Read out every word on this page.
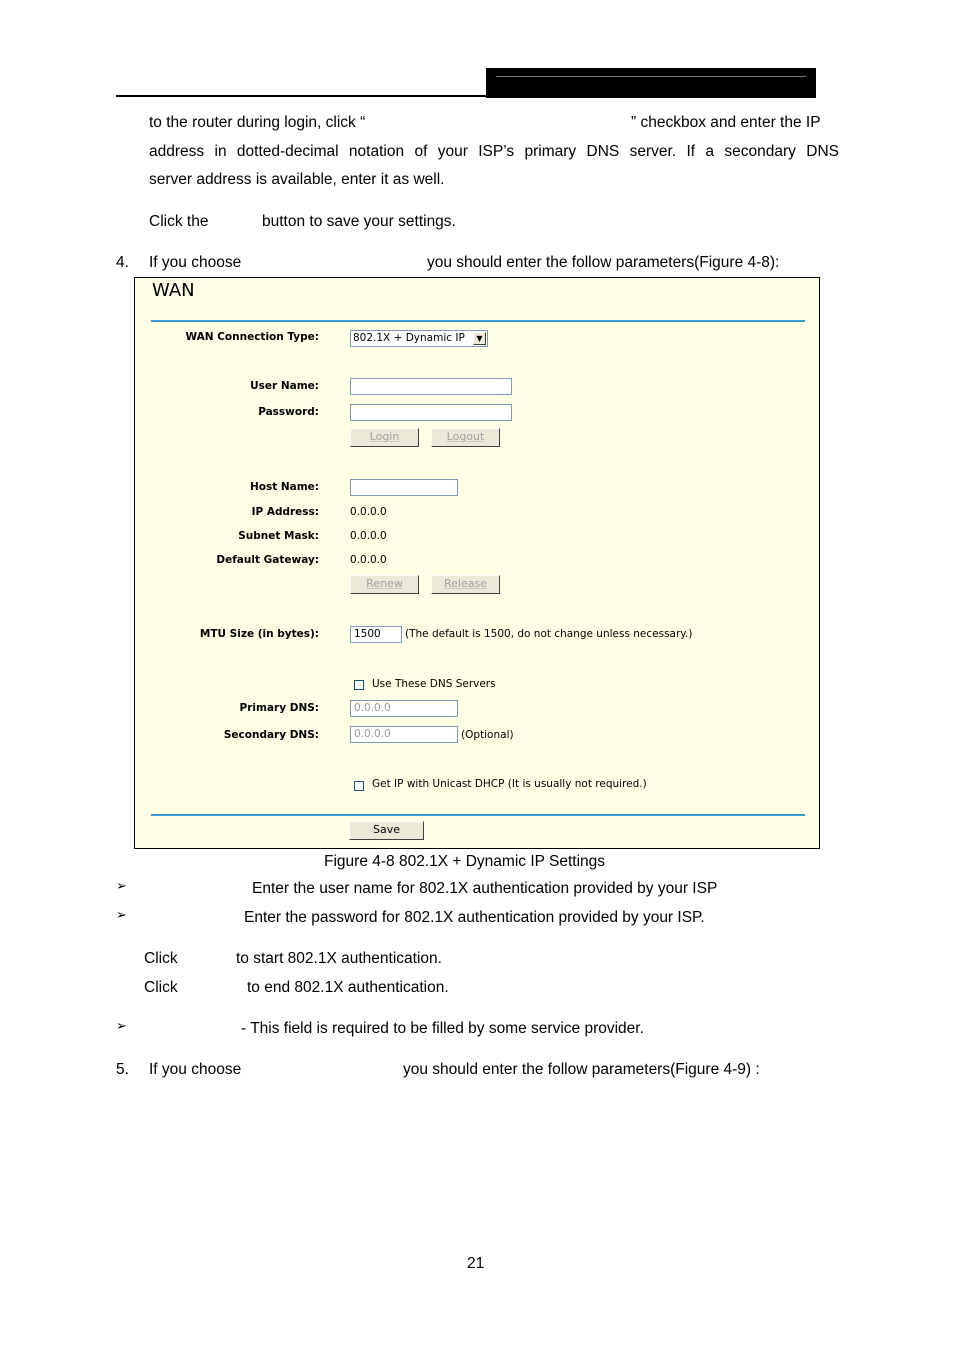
to the router during login, click “	” checkbox and enter the IP
address in dotted-decimal notation of your ISP’s primary DNS server. If a secondary DNS
server address is available, enter it as well.
Click the	button to save your settings.
4. If you choose	you should enter the follow parameters(Figure 4-8):
WAN
WAN Connection Type:	802.1X + Dynamic IP	▼
User Name:
Password:
Login	Logout
Host Name:
IP Address:	0.0.0.0
Subnet Mask:	0.0.0.0
Default Gateway:	0.0.0.0
Renew	Release
MTU Size (in bytes):	1500	(The default is 1500, do not change unless necessary.)
Use These DNS Servers
Primary DNS:	0.0.0.0
Secondary DNS:	0.0.0.0	(Optional)
Get IP with Unicast DHCP (It is usually not required.)
Save
Figure 4-8 802.1X + Dynamic IP Settings
➢	Enter the user name for 802.1X authentication provided by your ISP
➢	Enter the password for 802.1X authentication provided by your ISP.
Click	to start 802.1X authentication.
Click	to end 802.1X authentication.
➢	- This field is required to be filled by some service provider.
5. If you choose	you should enter the follow parameters(Figure 4-9) :
21
